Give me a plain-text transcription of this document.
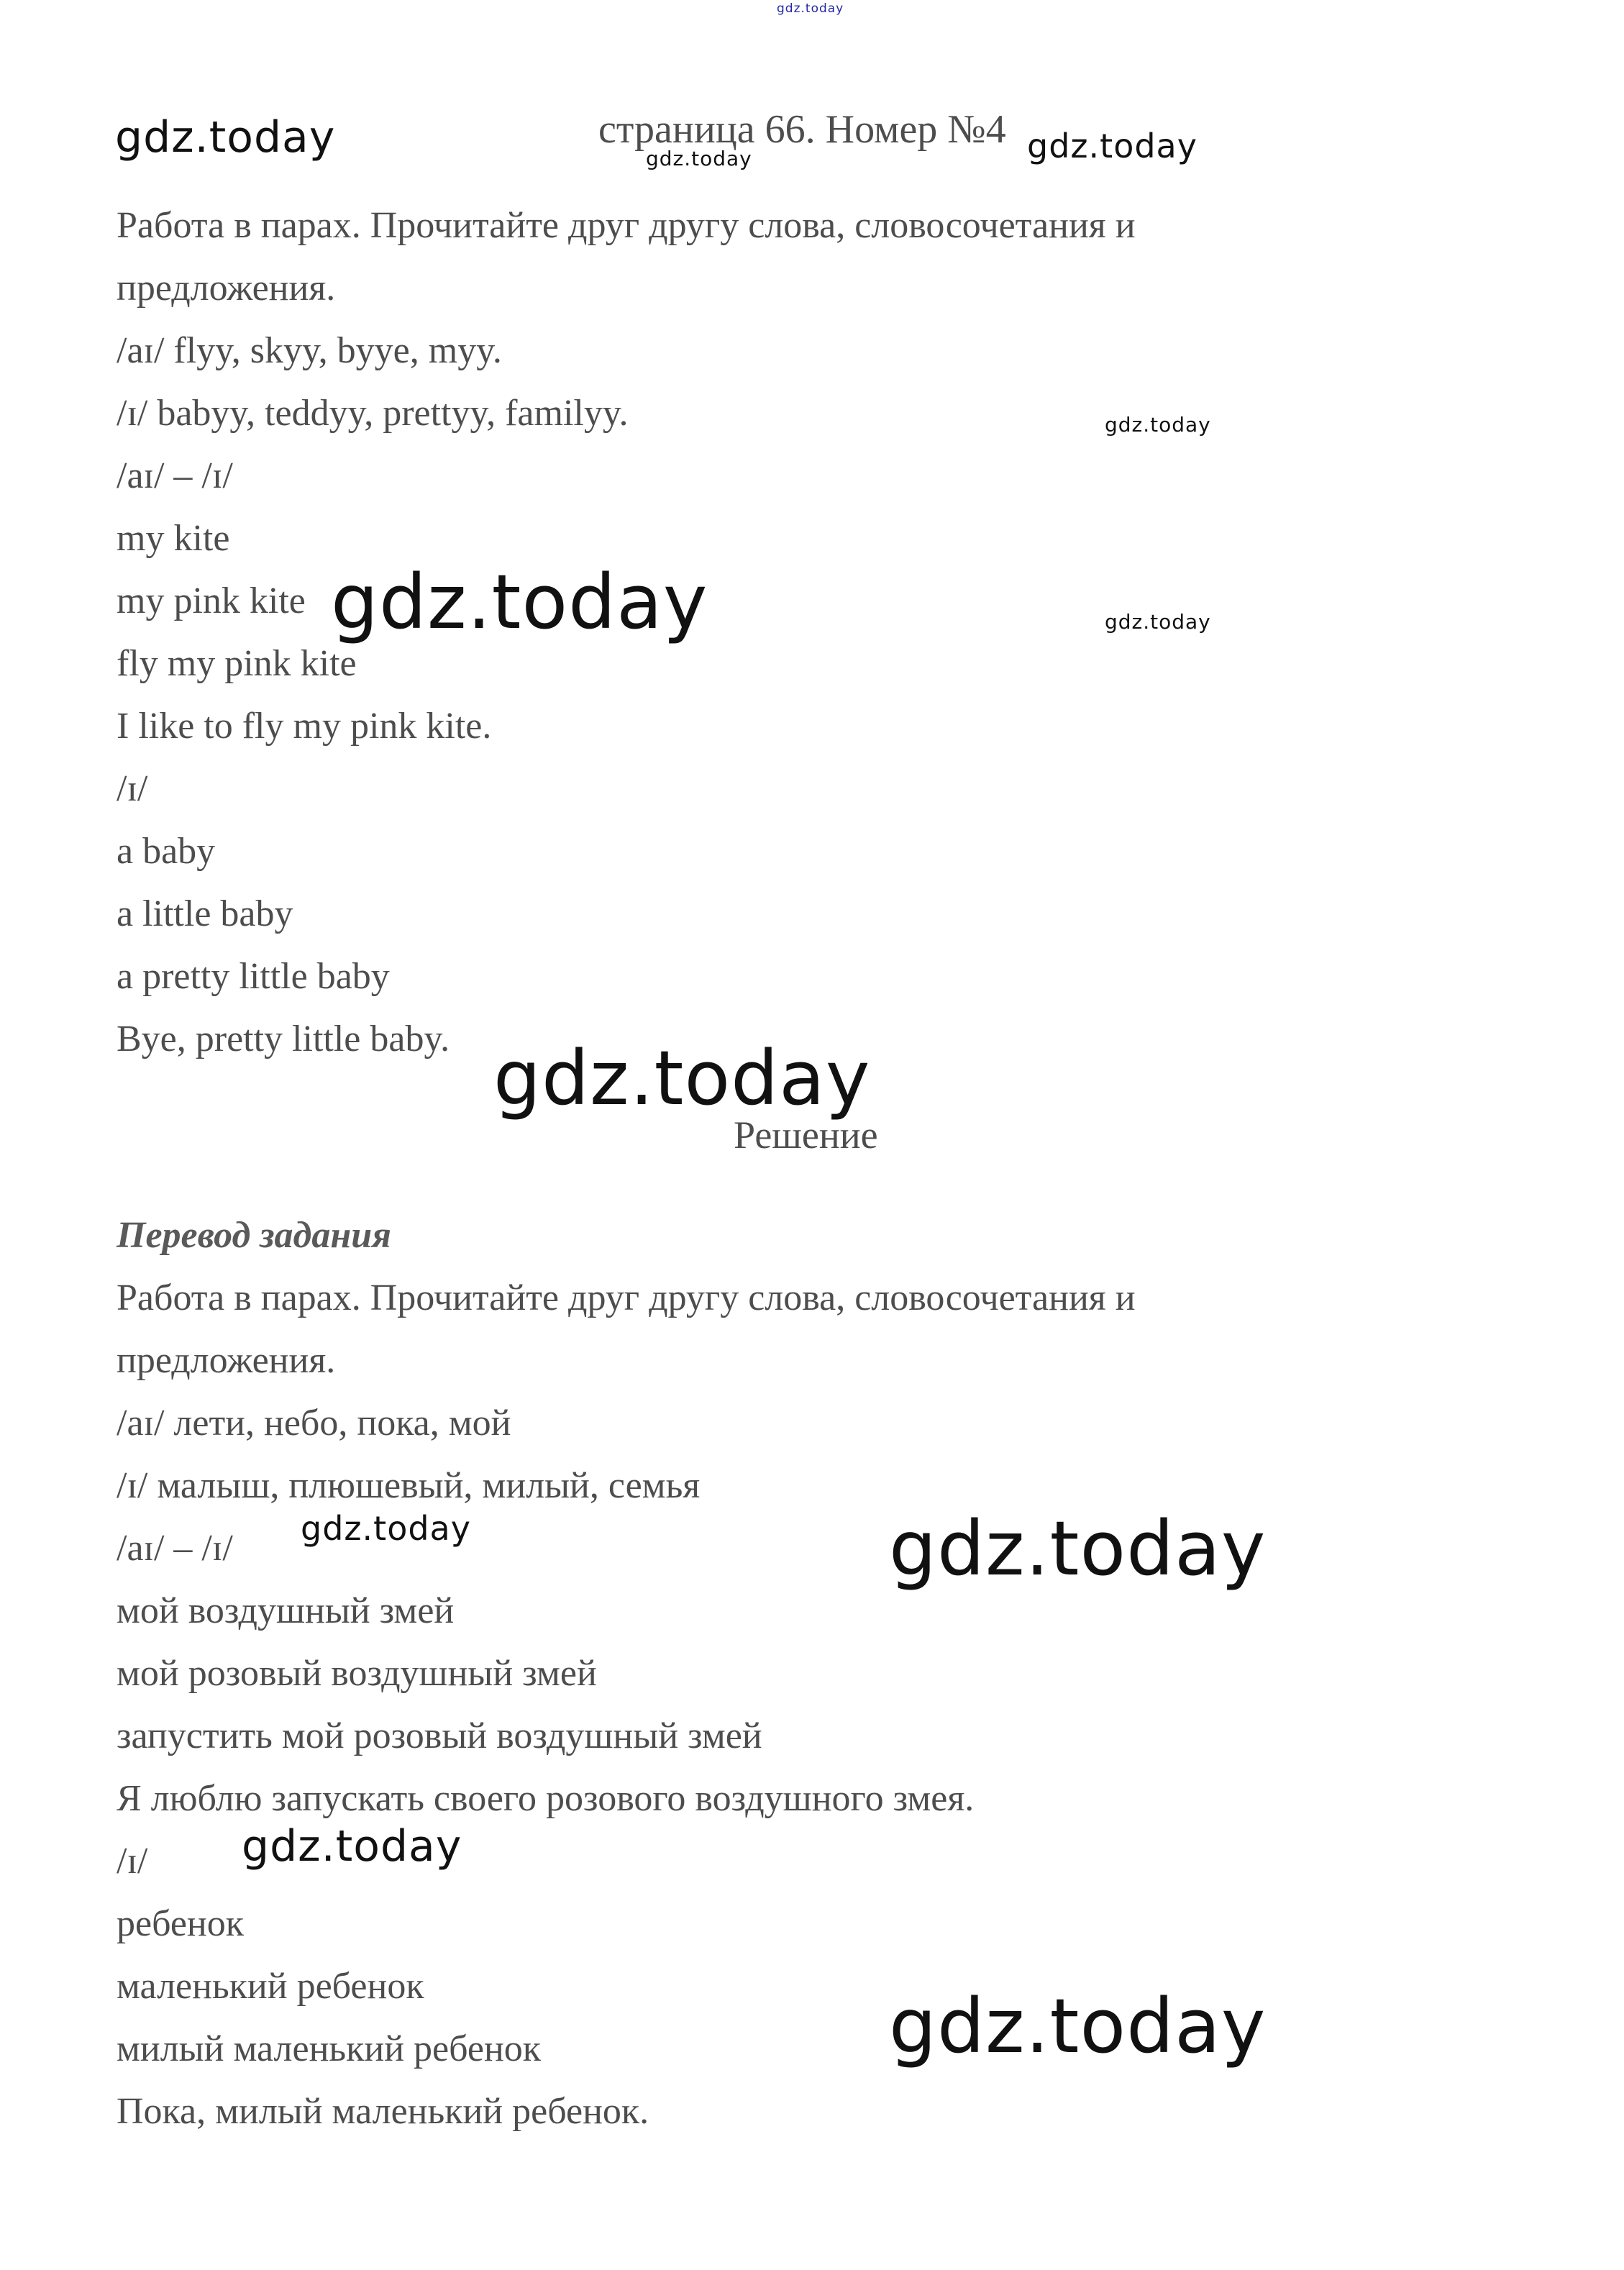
gdz.today
gdz.today	страница 66. Номер №4
gdz.today	gdz.today
Работа в парах. Прочитайте друг другу слова, словосочетания и
предложения.
/aɪ/ flyy, skyy, byye, myy.
/ɪ/ babyy, teddyy, prettyy, familyy.	gdz.today
/aɪ/ – /ɪ/
my kite
my pink kite gdz.today	gdz.today
fly my pink kite
I like to fly my pink kite.
/ɪ/
a baby
a little baby
a pretty little baby
Bye, pretty little baby. gdz.today
Решение
Перевод задания
Работа в парах. Прочитайте друг другу слова, словосочетания и
предложения.
/aɪ/ лети, небо, пока, мой
/ɪ/ малыш, плюшевый, милый, семья
/aɪ/ – /ɪ/ gdz.today	gdz.today
мой воздушный змей
мой розовый воздушный змей
запустить мой розовый воздушный змей
Я люблю запускать своего розового воздушного змея.
gdz.today
/ɪ/
ребенок
маленький ребенок	gdz.today
милый маленький ребенок
Пока, милый маленький ребенок.
